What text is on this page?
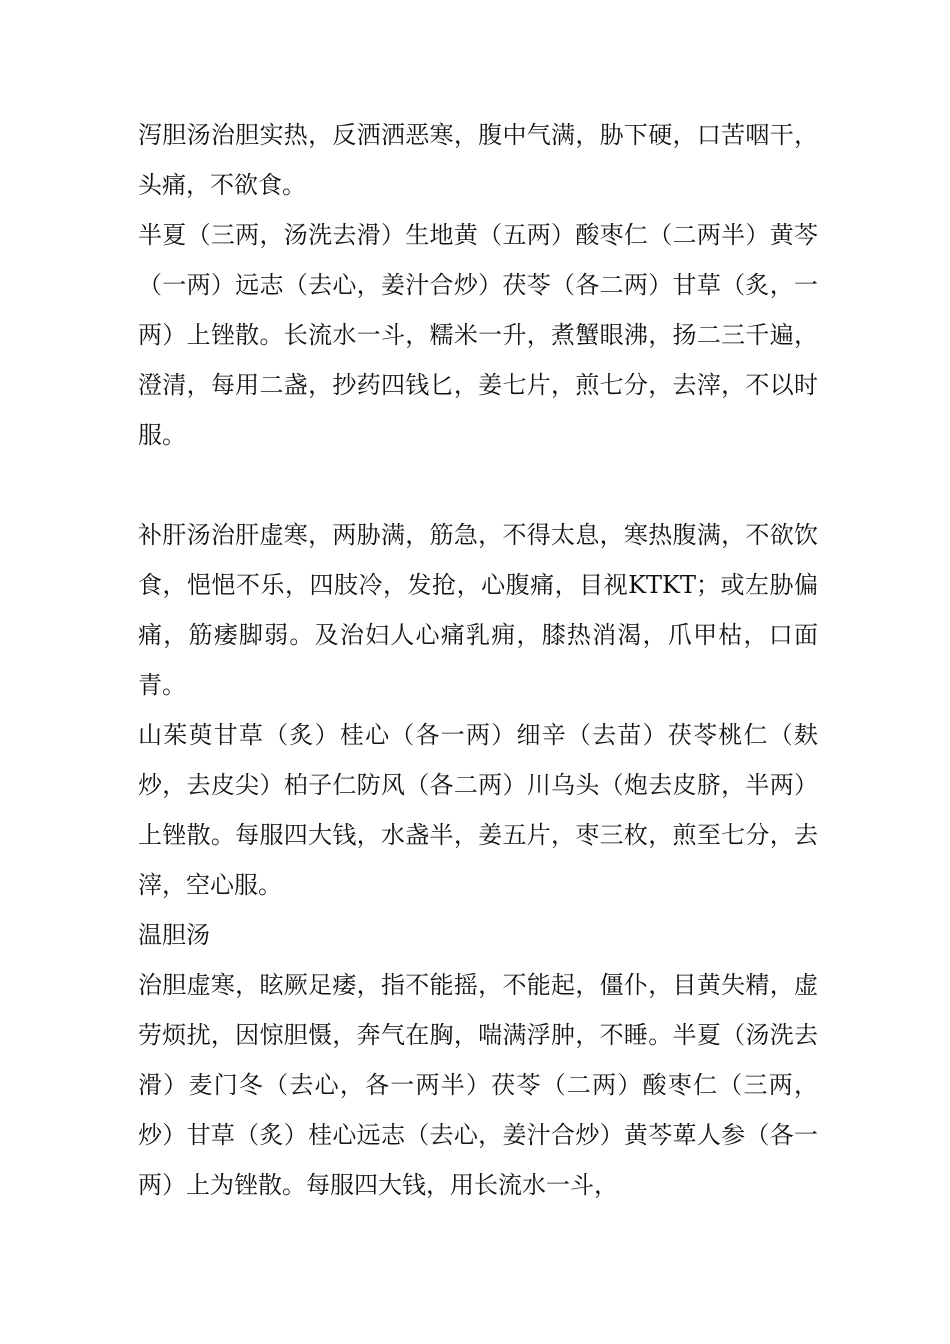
泻胆汤治胆实热，反洒洒恶寒，腹中气满，胁下硬，口苦咽干，头痛，不欲食。

半夏（三两，汤洗去滑）生地黄（五两）酸枣仁（二两半）黄芩（一两）远志（去心，姜汁合炒）茯苓（各二两）甘草（炙，一两）上锉散。长流水一斗，糯米一升，煮蟹眼沸，扬二三千遍，澄清，每用二盏，抄药四钱匕，姜七片，煎七分，去滓，不以时服。

补肝汤治肝虚寒，两胁满，筋急，不得太息，寒热腹满，不欲饮食，悒悒不乐，四肢冷，发抢，心腹痛，目视KTKT；或左胁偏痛，筋痿脚弱。及治妇人心痛乳痈，膝热消渴，爪甲枯，口面青。

山茱萸甘草（炙）桂心（各一两）细辛（去苗）茯苓桃仁（麸炒，去皮尖）柏子仁防风（各二两）川乌头（炮去皮脐，半两）上锉散。每服四大钱，水盏半，姜五片，枣三枚，煎至七分，去滓，空心服。

温胆汤

治胆虚寒，眩厥足痿，指不能摇，不能起，僵仆，目黄失精，虚劳烦扰，因惊胆慑，奔气在胸，喘满浮肿，不睡。半夏（汤洗去滑）麦门冬（去心，各一两半）茯苓（二两）酸枣仁（三两，炒）甘草（炙）桂心远志（去心，姜汁合炒）黄芩萆人参（各一两）上为锉散。每服四大钱，用长流水一斗，
